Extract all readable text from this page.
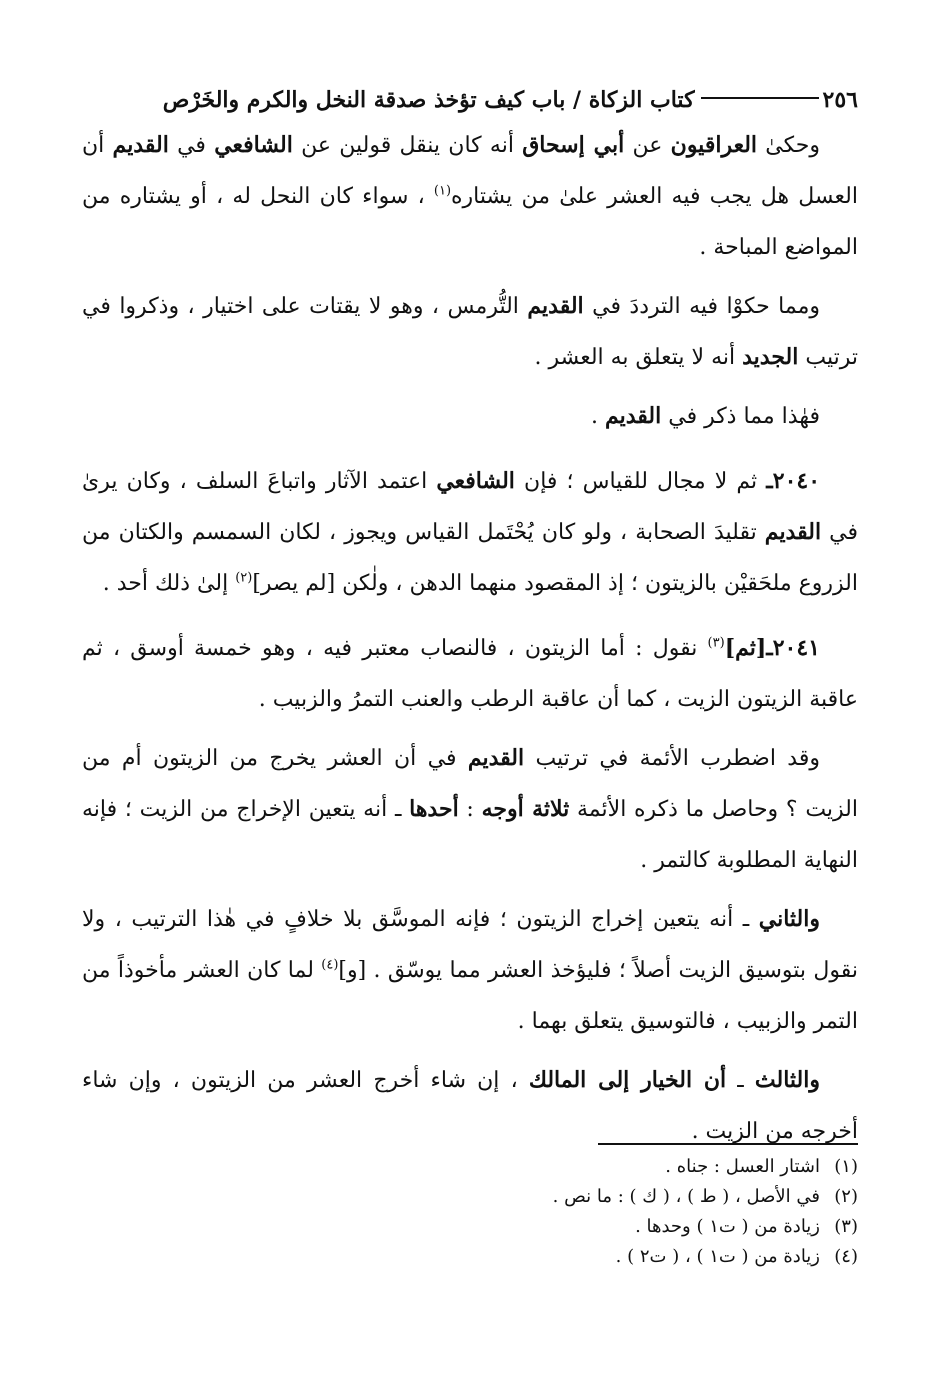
٢٥٦
كتاب الزكاة / باب كيف تؤخذ صدقة النخل والكرم والخَرْص

وحكىٰ العراقيون عن أبي إسحاق أنه كان ينقل قولين عن الشافعي في القديم أن العسل هل يجب فيه العشر علىٰ من يشتاره$^{(١)}$ ، سواء كان النحل له ، أو يشتاره من المواضع المباحة .

ومما حكوْا فيه الترددَ في القديم التُّرمس ، وهو لا يقتات على اختيار ، وذكروا في ترتيب الجديد أنه لا يتعلق به العشر .

فهٰذا مما ذكر في القديم .

٢٠٤٠ـ ثم لا مجال للقياس ؛ فإن الشافعي اعتمد الآثار واتباعَ السلف ، وكان يرىٰ في القديم تقليدَ الصحابة ، ولو كان يُحْتَمل القياس ويجوز ، لكان السمسم والكتان من الزروع ملحَقيْن بالزيتون ؛ إذ المقصود منهما الدهن ، ولٰكن [لم يصر]$^{(٢)}$ إلىٰ ذلك أحد .

٢٠٤١ـ[ثم]$^{(٣)}$ نقول : أما الزيتون ، فالنصاب معتبر فيه ، وهو خمسة أوسق ، ثم عاقبة الزيتون الزيت ، كما أن عاقبة الرطب والعنب التمرُ والزبيب .

وقد اضطرب الأئمة في ترتيب القديم في أن العشر يخرج من الزيتون أم من الزيت ؟ وحاصل ما ذكره الأئمة ثلاثة أوجه : أحدها ـ أنه يتعين الإخراج من الزيت ؛ فإنه النهاية المطلوبة كالتمر .

والثاني ـ أنه يتعين إخراج الزيتون ؛ فإنه الموسَّق بلا خلافٍ في هٰذا الترتيب ، ولا نقول بتوسيق الزيت أصلاً ؛ فليؤخذ العشر مما يوسّق . [و]$^{(٤)}$ لما كان العشر مأخوذاً من التمر والزبيب ، فالتوسيق يتعلق بهما .

والثالث ـ أن الخيار إلى المالك ، إن شاء أخرج العشر من الزيتون ، وإن شاء أخرجه من الزيت .

(١)
اشتار العسل : جناه .
(٢)
في الأصل ، ( ط ) ، ( ك ) : ما نص .
(٣)
زيادة من ( ت١ ) وحدها .
(٤)
زيادة من ( ت١ ) ، ( ت٢ ) .
